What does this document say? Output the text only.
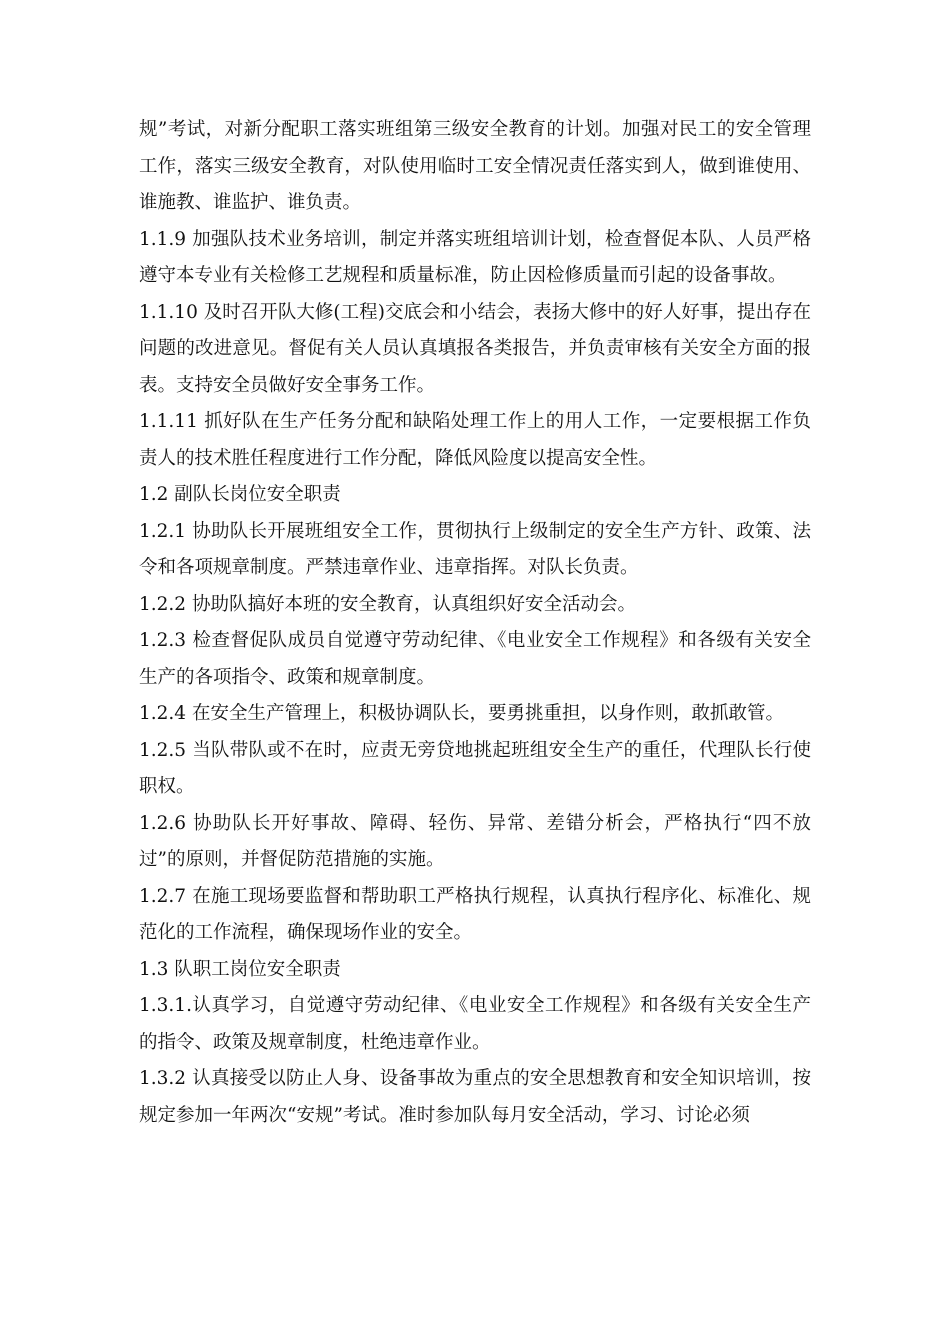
规”考试，对新分配职工落实班组第三级安全教育的计划。加强对民工的安全管理工作，落实三级安全教育，对队使用临时工安全情况责任落实到人，做到谁使用、谁施教、谁监护、谁负责。

1.1.9 加强队技术业务培训，制定并落实班组培训计划，检查督促本队、人员严格遵守本专业有关检修工艺规程和质量标准，防止因检修质量而引起的设备事故。

1.1.10 及时召开队大修(工程)交底会和小结会，表扬大修中的好人好事，提出存在问题的改进意见。督促有关人员认真填报各类报告，并负责审核有关安全方面的报表。支持安全员做好安全事务工作。

1.1.11 抓好队在生产任务分配和缺陷处理工作上的用人工作，一定要根据工作负责人的技术胜任程度进行工作分配，降低风险度以提高安全性。

1.2 副队长岗位安全职责

1.2.1 协助队长开展班组安全工作，贯彻执行上级制定的安全生产方针、政策、法令和各项规章制度。严禁违章作业、违章指挥。对队长负责。

1.2.2 协助队搞好本班的安全教育，认真组织好安全活动会。

1.2.3 检查督促队成员自觉遵守劳动纪律、《电业安全工作规程》和各级有关安全生产的各项指令、政策和规章制度。

1.2.4 在安全生产管理上，积极协调队长，要勇挑重担，以身作则，敢抓敢管。

1.2.5 当队带队或不在时，应责无旁贷地挑起班组安全生产的重任，代理队长行使职权。

1.2.6 协助队长开好事故、障碍、轻伤、异常、差错分析会，严格执行“四不放过”的原则，并督促防范措施的实施。

1.2.7 在施工现场要监督和帮助职工严格执行规程，认真执行程序化、标准化、规范化的工作流程，确保现场作业的安全。

1.3 队职工岗位安全职责

1.3.1.认真学习，自觉遵守劳动纪律、《电业安全工作规程》和各级有关安全生产的指令、政策及规章制度，杜绝违章作业。

1.3.2 认真接受以防止人身、设备事故为重点的安全思想教育和安全知识培训，按规定参加一年两次“安规”考试。准时参加队每月安全活动，学习、讨论必须
